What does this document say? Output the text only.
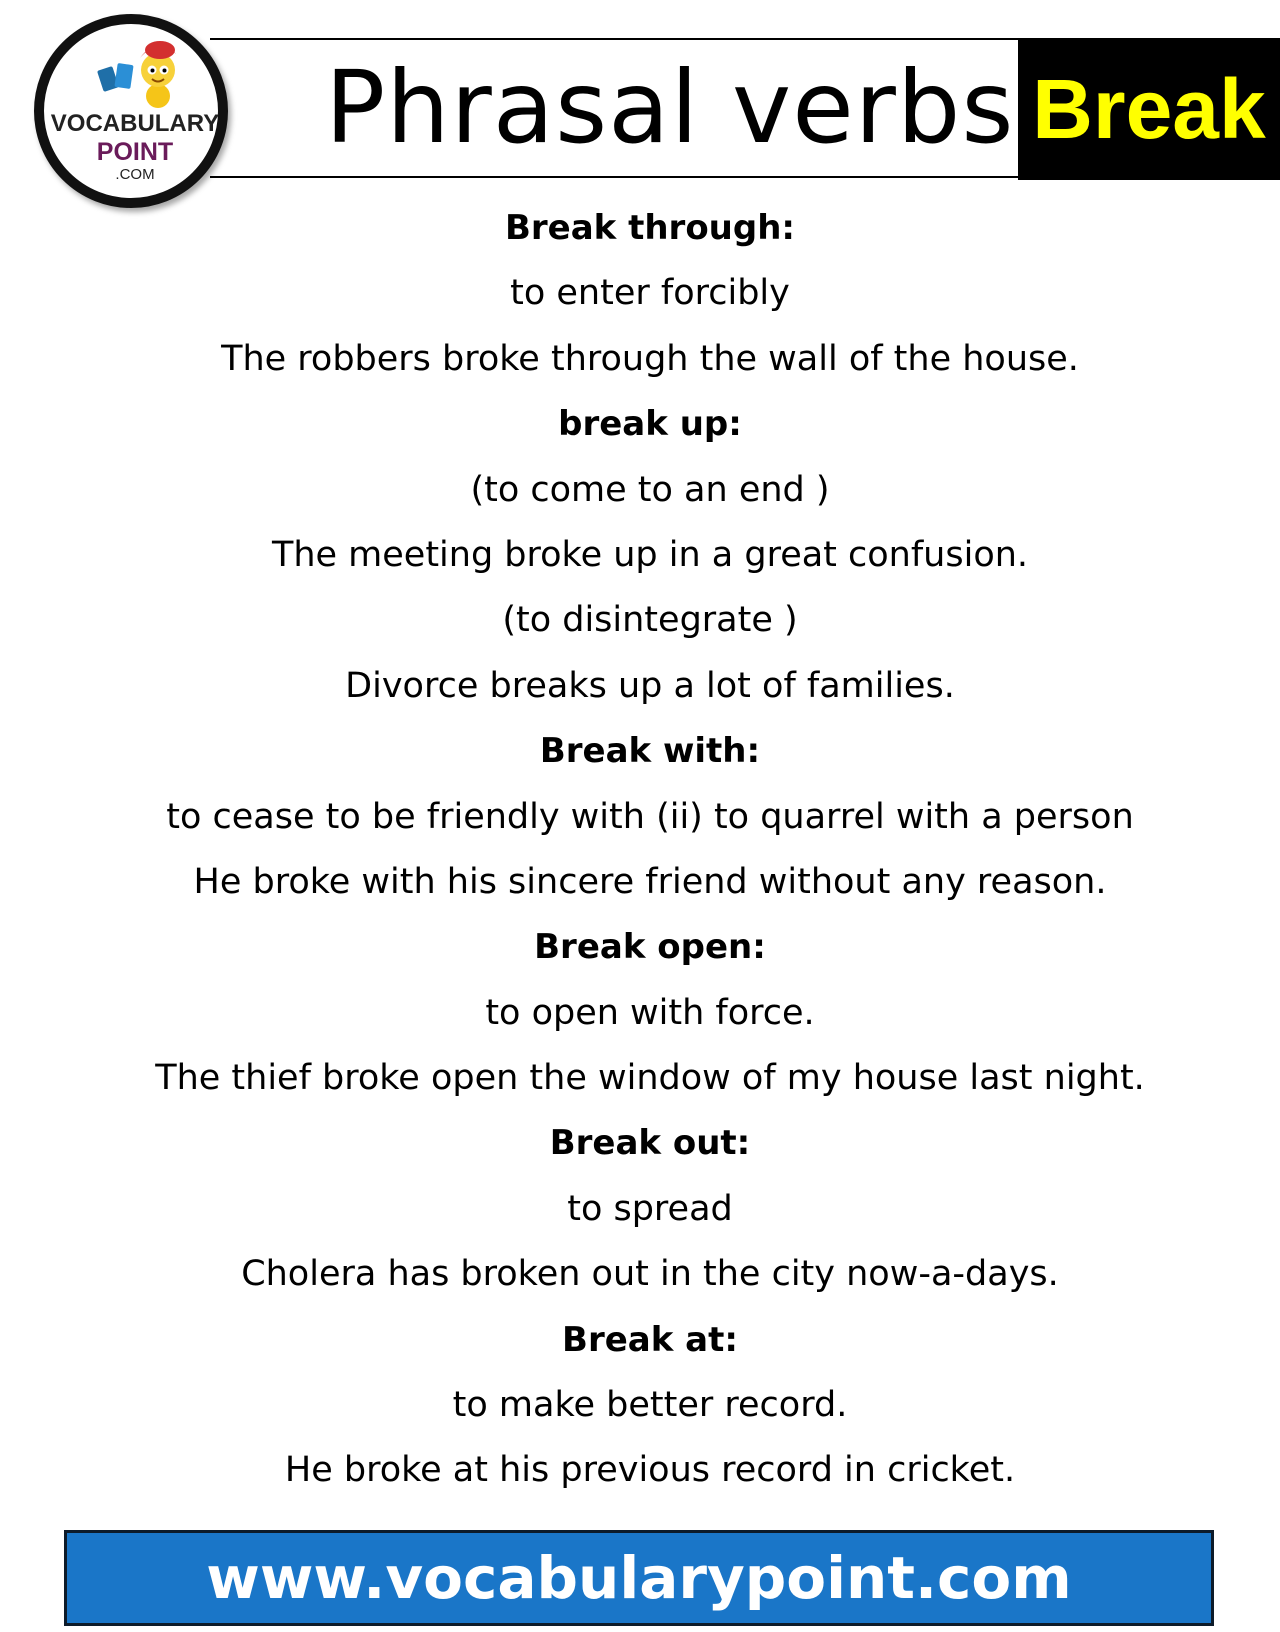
Phrasal verbs Break
VOCABULARY
POINT
.COM
Break through:
to enter forcibly
The robbers broke through the wall of the house.
break up:
(to come to an end )
The meeting broke up in a great confusion.
(to disintegrate )
Divorce breaks up a lot of families.
Break with:
to cease to be friendly with (ii) to quarrel with a person
He broke with his sincere friend without any reason.
Break open:
to open with force.
The thief broke open the window of my house last night.
Break out:
to spread
Cholera has broken out in the city now-a-days.
Break at:
to make better record.
He broke at his previous record in cricket.
www.vocabularypoint.com
